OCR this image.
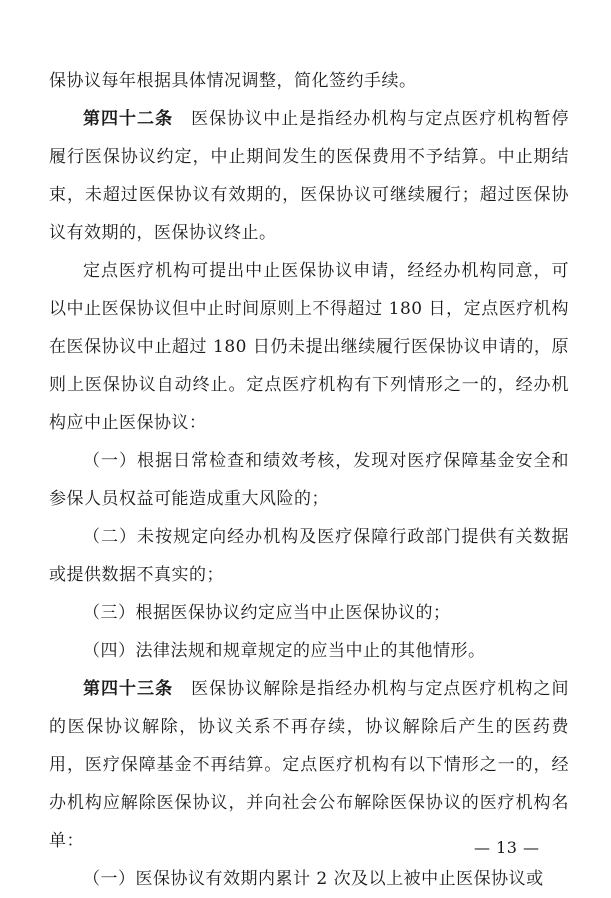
保协议每年根据具体情况调整，简化签约手续。

第四十二条　医保协议中止是指经办机构与定点医疗机构暂停履行医保协议约定，中止期间发生的医保费用不予结算。中止期结束，未超过医保协议有效期的，医保协议可继续履行；超过医保协议有效期的，医保协议终止。

定点医疗机构可提出中止医保协议申请，经经办机构同意，可以中止医保协议但中止时间原则上不得超过 180 日，定点医疗机构在医保协议中止超过 180 日仍未提出继续履行医保协议申请的，原则上医保协议自动终止。定点医疗机构有下列情形之一的，经办机构应中止医保协议：

（一）根据日常检查和绩效考核，发现对医疗保障基金安全和参保人员权益可能造成重大风险的；

（二）未按规定向经办机构及医疗保障行政部门提供有关数据或提供数据不真实的；

（三）根据医保协议约定应当中止医保协议的；

（四）法律法规和规章规定的应当中止的其他情形。

第四十三条　医保协议解除是指经办机构与定点医疗机构之间的医保协议解除，协议关系不再存续，协议解除后产生的医药费用，医疗保障基金不再结算。定点医疗机构有以下情形之一的，经办机构应解除医保协议，并向社会公布解除医保协议的医疗机构名单：

（一）医保协议有效期内累计 2 次及以上被中止医保协议或

— 13 —
